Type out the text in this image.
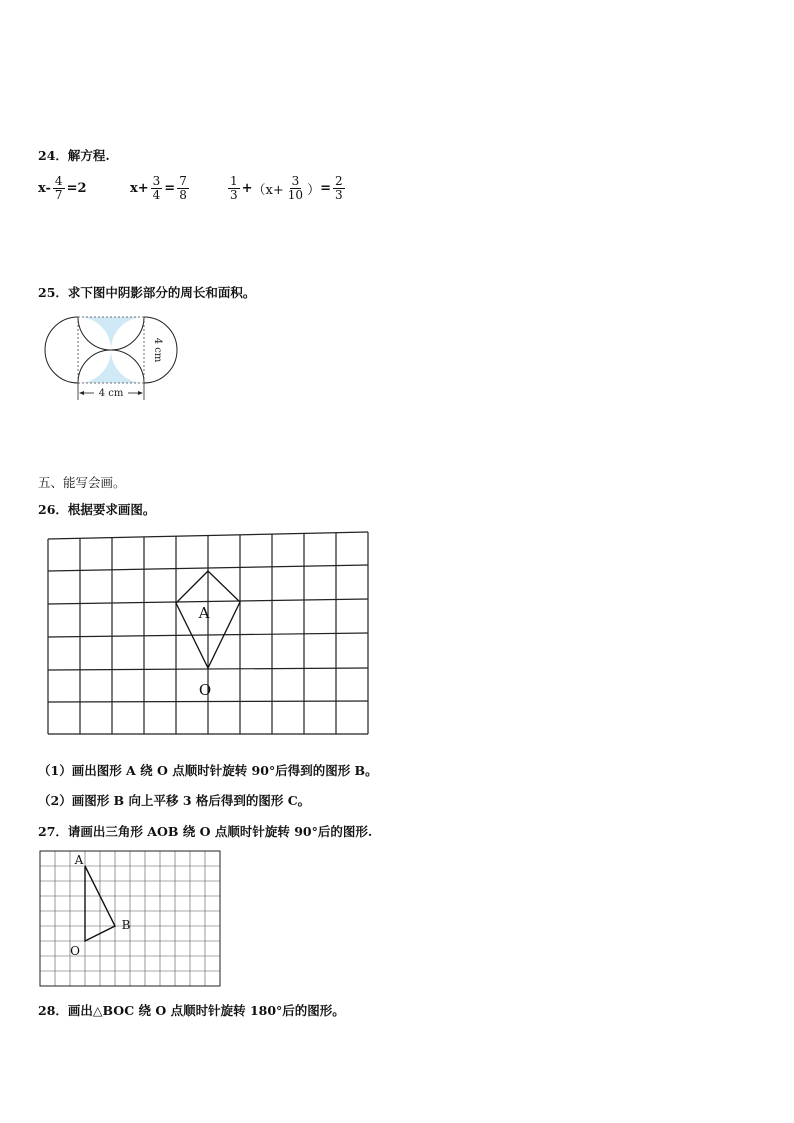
24．解方程.
$x- \frac{4}{7} =2$	$x+ \frac{3}{4} = \frac{7}{8}$	$\frac{1}{3} + (x+ \frac{3}{10}$ ） = $\frac{2}{3}$
25．求下图中阴影部分的周长和面积。
4 cm
4 cm
五、能写会画。
26．根据要求画图。
A
O
（1）画出图形 A 绕 O 点顺时针旋转 90°后得到的图形 B。
（2）画图形 B 向上平移 3 格后得到的图形 C。
27．请画出三角形 AOB 绕 O 点顺时针旋转 90°后的图形.
A
B
O
28．画出△BOC 绕 O 点顺时针旋转 180°后的图形。
